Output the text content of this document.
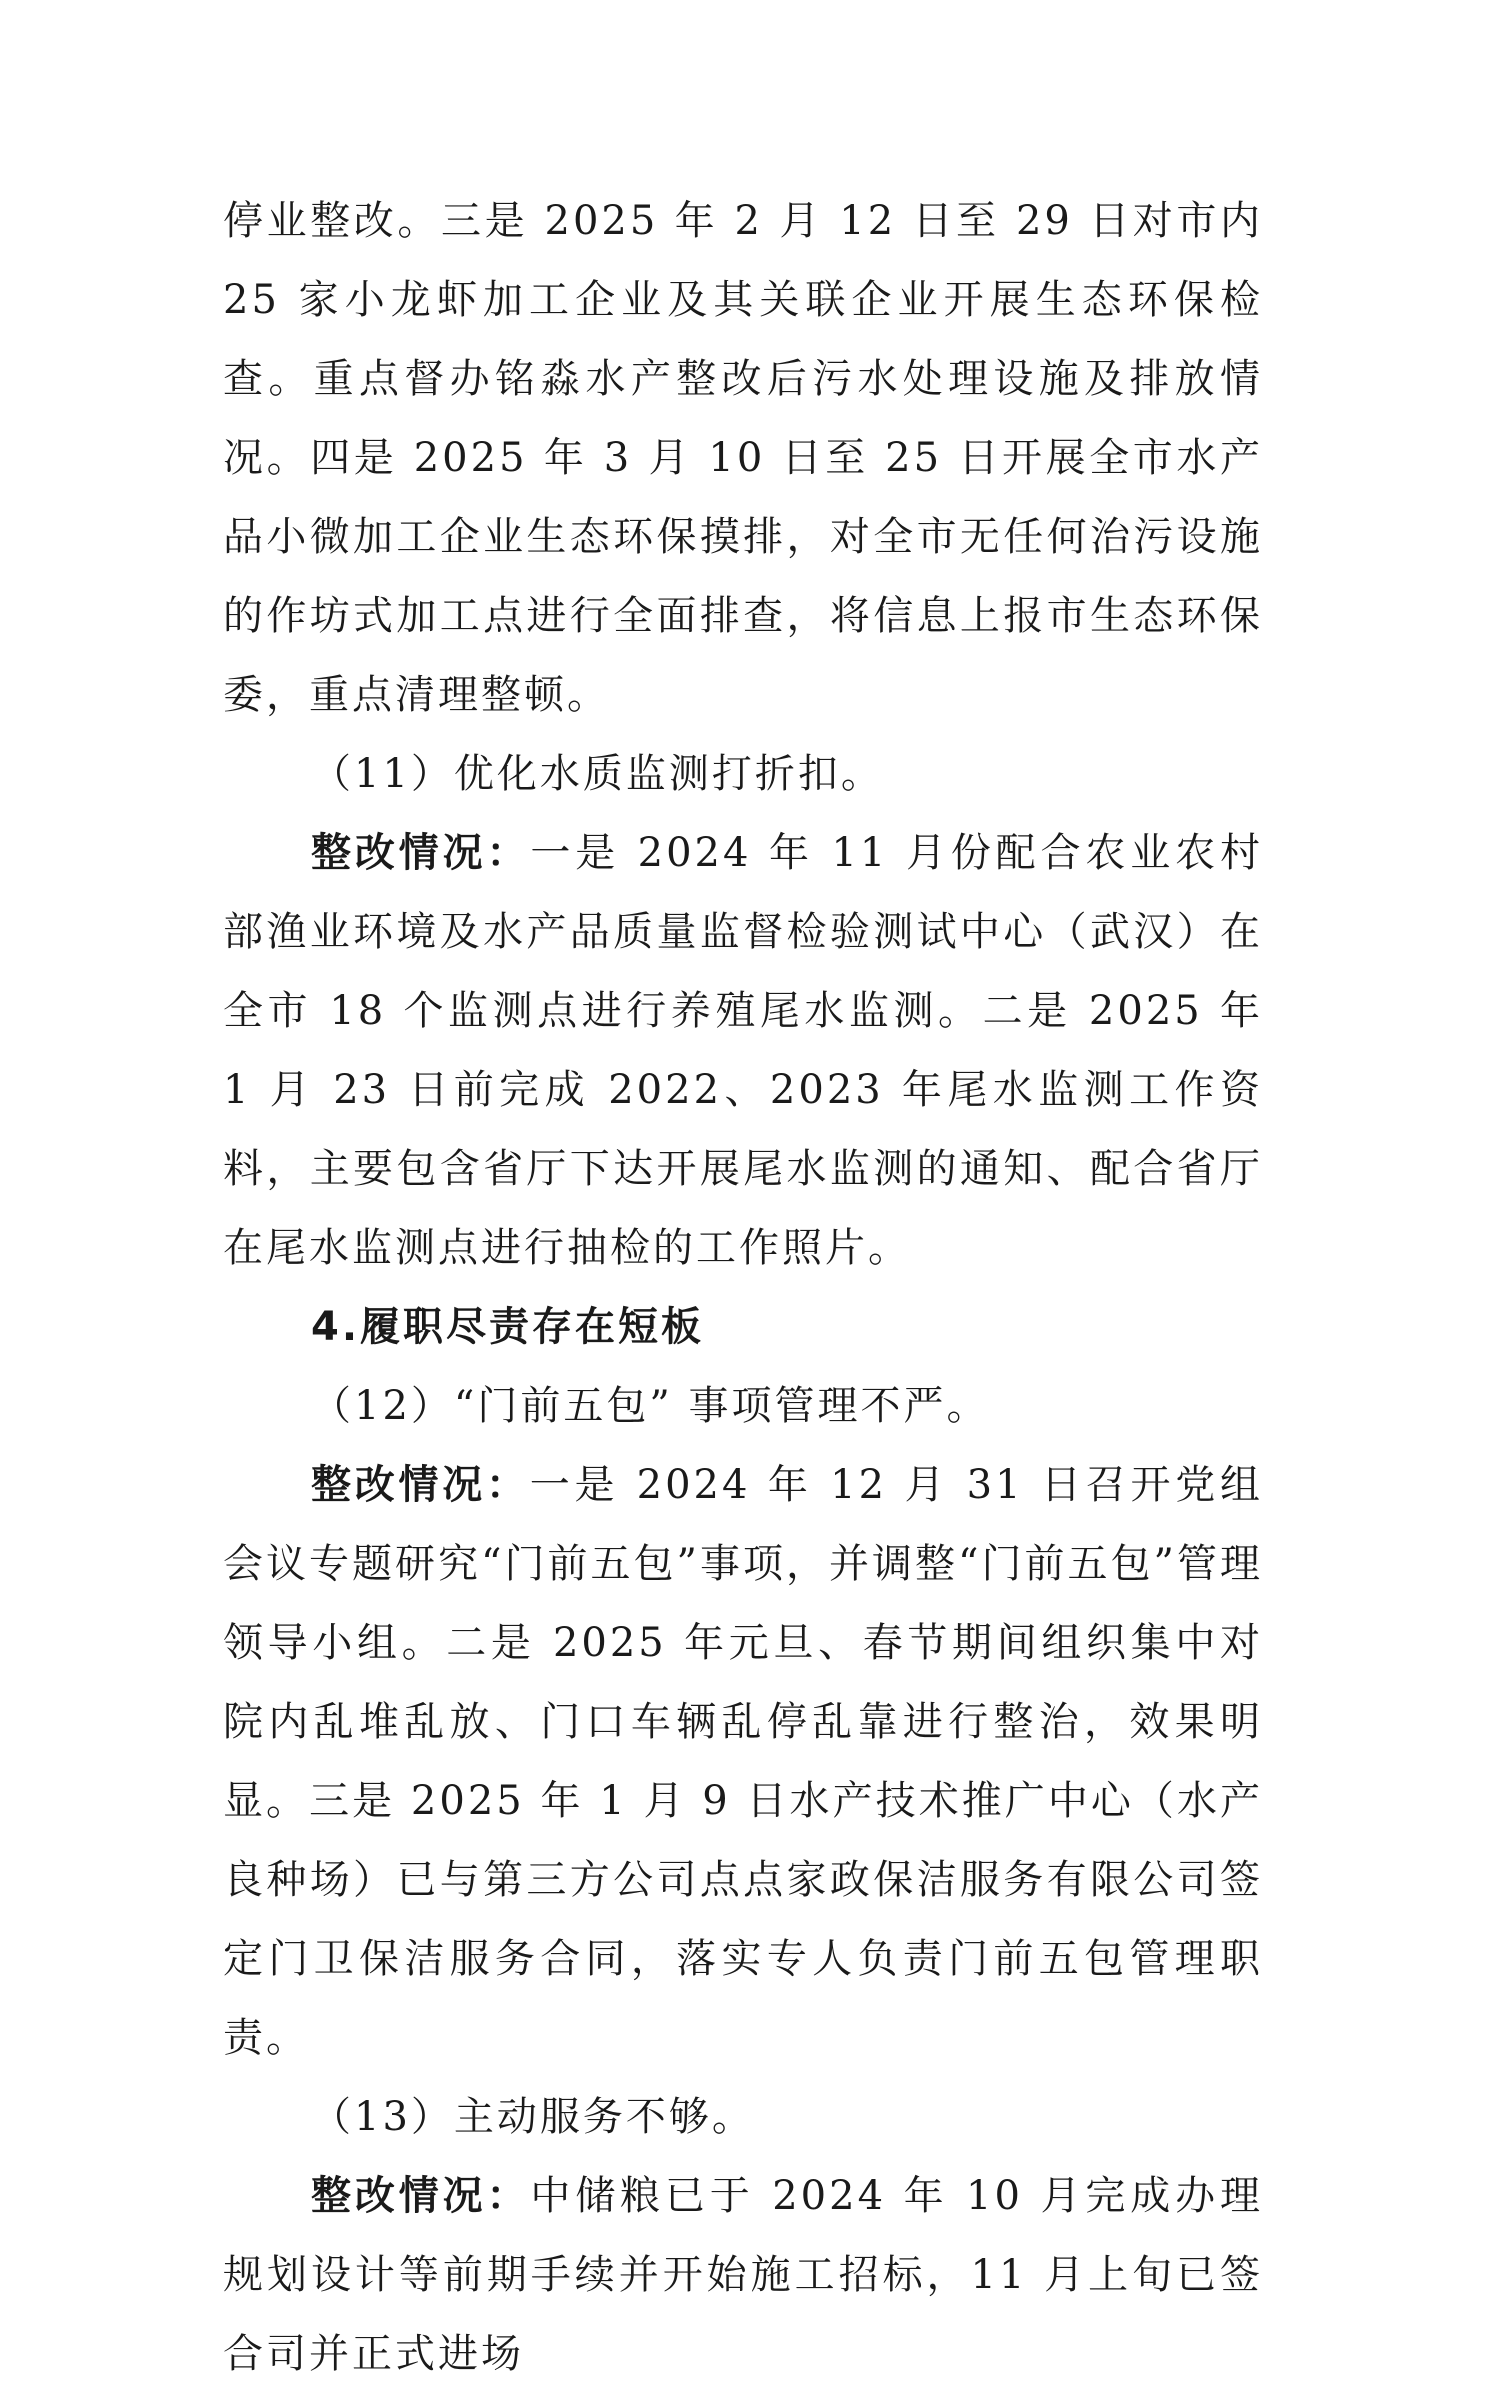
停业整改。三是 2025 年 2 月 12 日至 29 日对市内 25 家小龙虾加工企业及其关联企业开展生态环保检查。重点督办铭淼水产整改后污水处理设施及排放情况。四是 2025 年 3 月 10 日至 25 日开展全市水产品小微加工企业生态环保摸排，对全市无任何治污设施的作坊式加工点进行全面排查，将信息上报市生态环保委，重点清理整顿。

（11）优化水质监测打折扣。

整改情况：一是 2024 年 11 月份配合农业农村部渔业环境及水产品质量监督检验测试中心（武汉）在全市 18 个监测点进行养殖尾水监测。二是 2025 年 1 月 23 日前完成 2022、2023 年尾水监测工作资料，主要包含省厅下达开展尾水监测的通知、配合省厅在尾水监测点进行抽检的工作照片。

4.履职尽责存在短板

（12）“门前五包” 事项管理不严。

整改情况：一是 2024 年 12 月 31 日召开党组会议专题研究“门前五包”事项，并调整“门前五包”管理领导小组。二是 2025 年元旦、春节期间组织集中对院内乱堆乱放、门口车辆乱停乱靠进行整治，效果明显。三是 2025 年 1 月 9 日水产技术推广中心（水产良种场）已与第三方公司点点家政保洁服务有限公司签定门卫保洁服务合同，落实专人负责门前五包管理职责。

（13）主动服务不够。

整改情况：中储粮已于 2024 年 10 月完成办理规划设计等前期手续并开始施工招标，11 月上旬已签合司并正式进场
